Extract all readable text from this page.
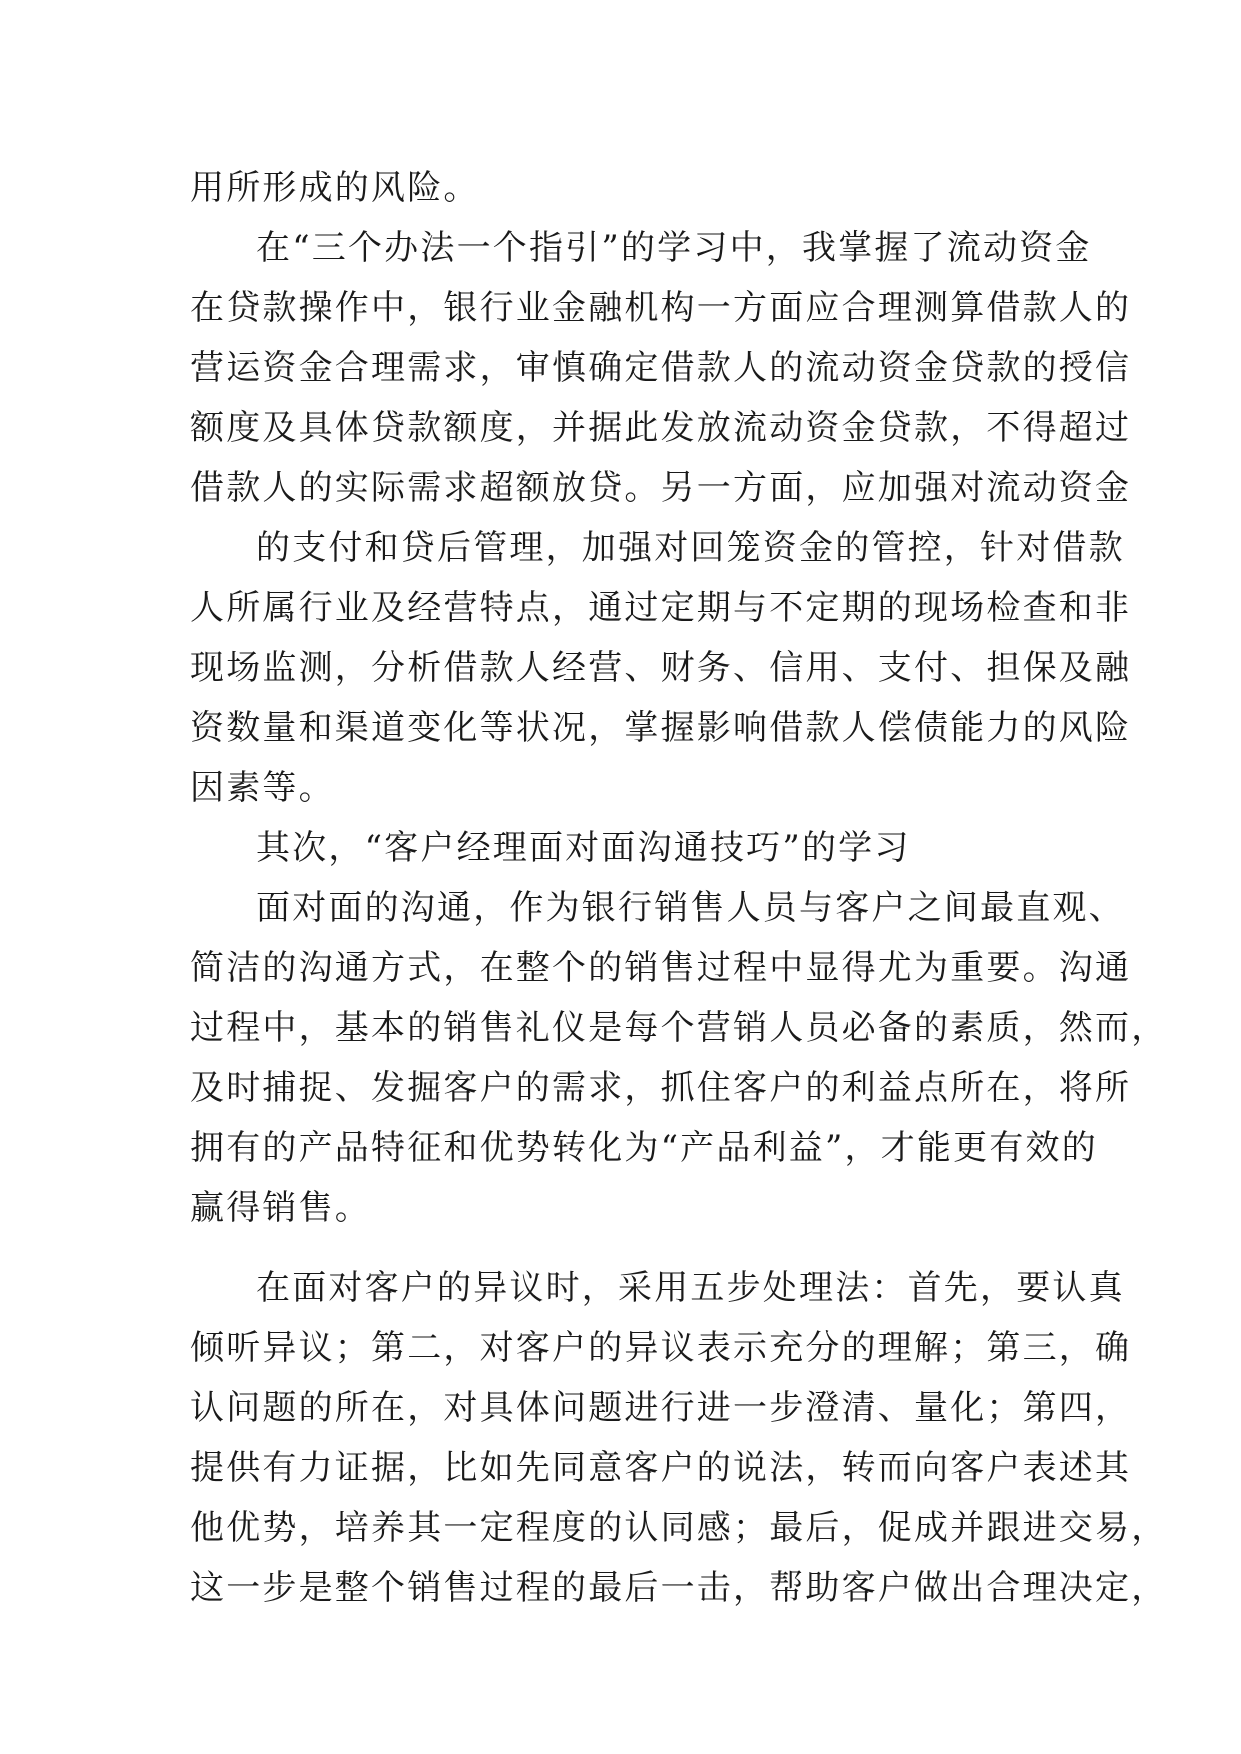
用所形成的风险。
在“三个办法一个指引”的学习中，我掌握了流动资金
在贷款操作中，银行业金融机构一方面应合理测算借款人的
营运资金合理需求，审慎确定借款人的流动资金贷款的授信
额度及具体贷款额度，并据此发放流动资金贷款，不得超过
借款人的实际需求超额放贷。另一方面，应加强对流动资金
的支付和贷后管理，加强对回笼资金的管控，针对借款
人所属行业及经营特点，通过定期与不定期的现场检查和非
现场监测，分析借款人经营、财务、信用、支付、担保及融
资数量和渠道变化等状况，掌握影响借款人偿债能力的风险
因素等。
其次，“客户经理面对面沟通技巧”的学习
面对面的沟通，作为银行销售人员与客户之间最直观、
简洁的沟通方式，在整个的销售过程中显得尤为重要。沟通
过程中，基本的销售礼仪是每个营销人员必备的素质，然而，
及时捕捉、发掘客户的需求，抓住客户的利益点所在，将所
拥有的产品特征和优势转化为“产品利益”，才能更有效的
赢得销售。
在面对客户的异议时，采用五步处理法：首先，要认真
倾听异议；第二，对客户的异议表示充分的理解；第三，确
认问题的所在，对具体问题进行进一步澄清、量化；第四，
提供有力证据，比如先同意客户的说法，转而向客户表述其
他优势，培养其一定程度的认同感；最后，促成并跟进交易，
这一步是整个销售过程的最后一击，帮助客户做出合理决定，
